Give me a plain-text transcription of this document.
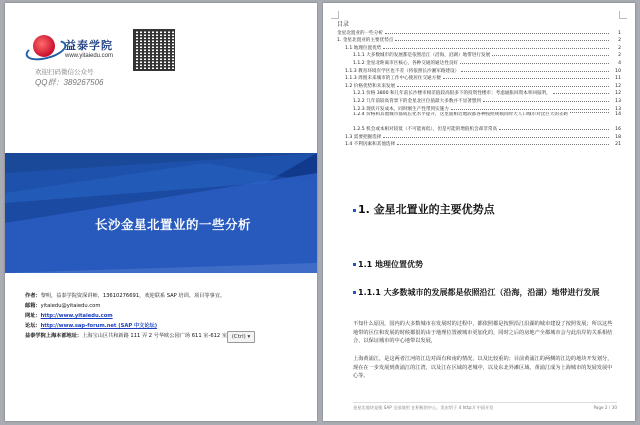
益泰学院
www.yitaiedu.com
欢迎扫码微信公众号
QQ群：389267506
长沙金星北置业的一些分析
作者：黎明，益泰学院资深讲师，13610276691，欢迎联系 SAP 培训、项目等事宜。
邮箱：yitaiedu@yitaiedu.com
网址：http://www.yitaiedu.com
论坛：http://www.sap-forum.net (SAP 中文论坛)
益泰学院上海本部地址：上海宝山区共和新路 111 弄 2 号华欧公园广场 611 室-612 室 (Ctrl) ▾
目录
金星北置业的一些分析	1
1. 金星北置业的主要优势点	2
1.1 地理位置优势	2
1.1.1 大多数城市的发展都是依照沿江（沿海，沿湖）地带进行发展	2
1.1.2 金星北距离市区核心，各种交通的通达性良好	4
1.1.3 教育环境有学区也不差（将依照长沙湘军路建设）	10
1.1.3 周围未来城市的工作中心使居住交通方便	11
1.2 价格优势和未来发展	12
1.2.1 价格 3800 和几年前长沙楼市相差值较高很多下的投资性楼市；考虑通胀回资本率回报明，	12
1.2.2 几年前较高背景下的金星北区位值最大多数并不显著想到	13
1.2.3 现状开发成本，同时刚生产性带到实施力	13
1.2.4 价格和其他城市都成长化水平提升，这里面相近地段都各种按照规模同时大人口城市对比巨大的差距	14
1.2.5 机会或本相对较低（不可能再低），但是可能的增值机会却非常高	16
1.3 需要把握选择	18
1.4 不利因素和其他选择	21
1. 金星北置业的主要优势点
1.1 地理位置优势
1.1.1 大多数城市的发展都是依照沿江（沿海，沿湖）地带进行发展
不知什么原因，国内的大多数城市在发展时的过程中，都依照都是按照沿江沿湖的城市建设了按照发展；所以这些地带的区位和发展的时候都很的由于地理位置被城市更加化的，同时之后的房地产全都城市会与此沿岸的关系相结合，以保证城市的中心地带以发展，
上海黄浦江，是这两者江河的江边对面有和南的情况，以及比较重的；目前黄浦江的两侧的江边的地块开发划分，现在在一步发展到黄浦江的江湾，以及江在区域的老城中，以及东北外滩区域，黄浦江成为上海城市的发展发展中心等。
金星北地块是使 SAP 全部使用 在积极的中心，发布给于 4 http:// 中国开发	Page 2 / 30
